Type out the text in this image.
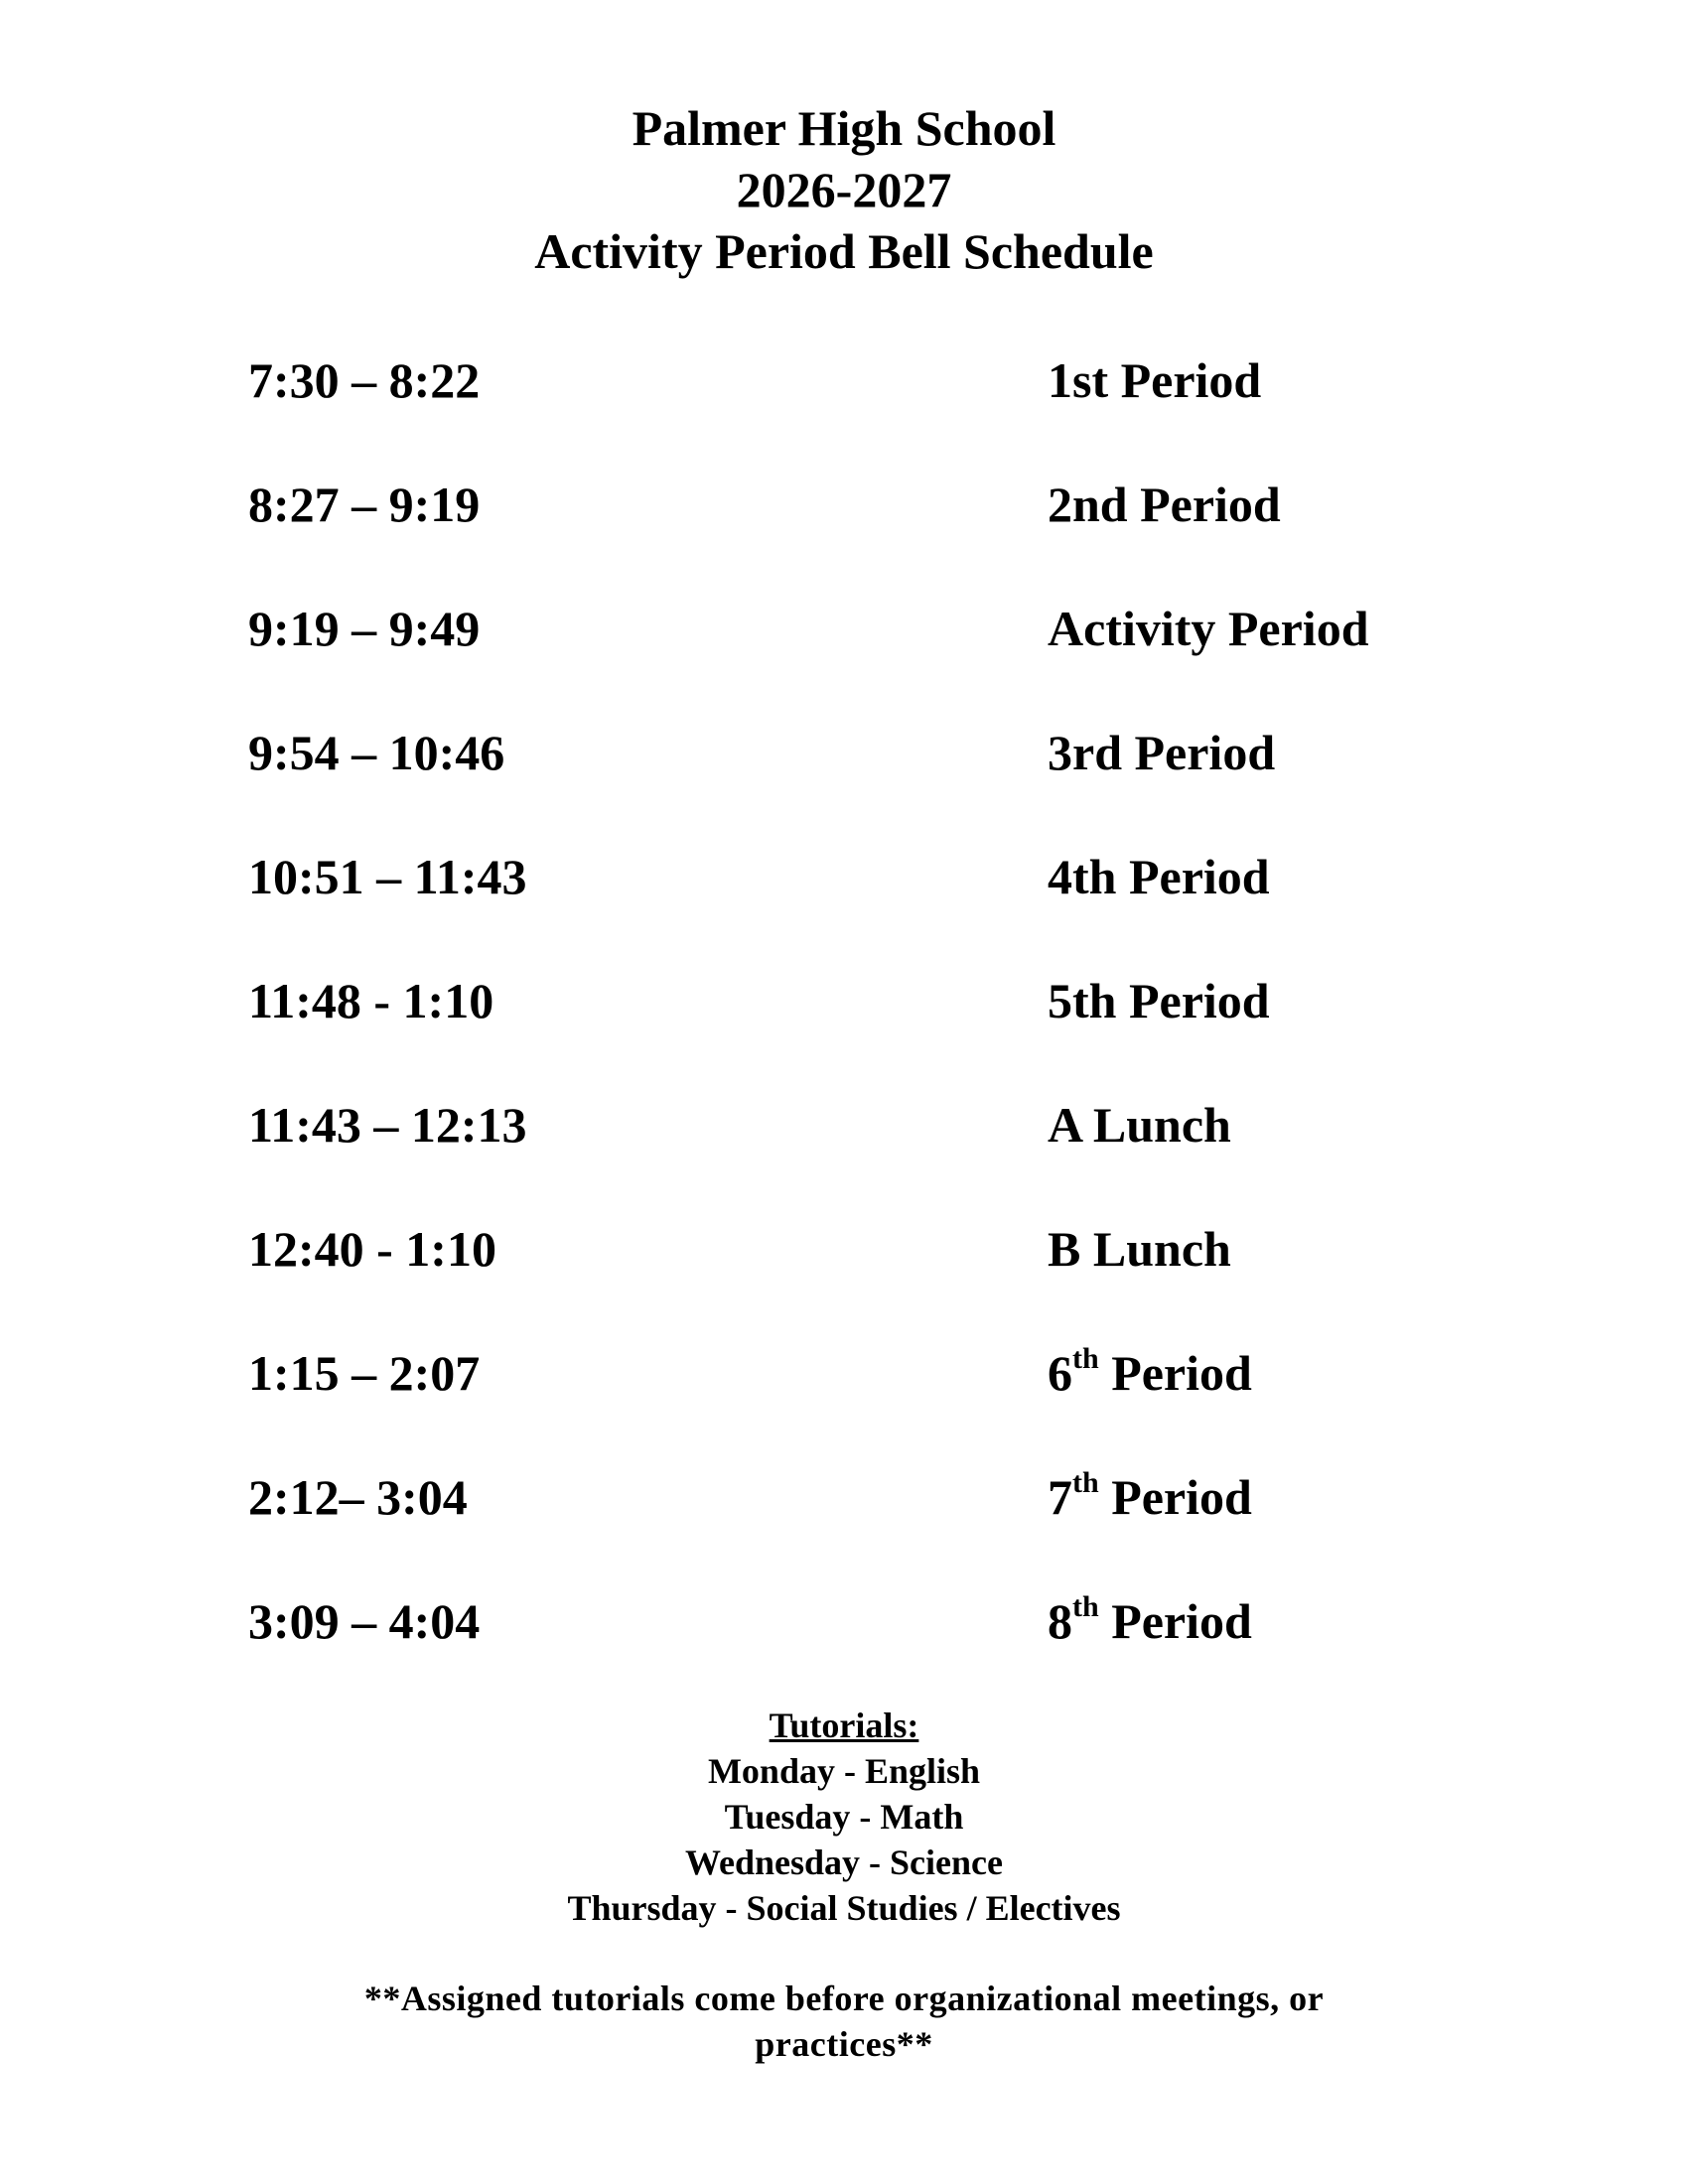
Palmer High School
2026-2027
Activity Period Bell Schedule
7:30 – 8:22	1st Period
8:27 – 9:19	2nd Period
9:19 – 9:49	Activity Period
9:54 – 10:46	3rd Period
10:51 – 11:43	4th Period
11:48 - 1:10	5th Period
11:43 – 12:13	A Lunch
12:40 - 1:10	B Lunch
1:15 – 2:07	6th Period
2:12– 3:04	7th Period
3:09 – 4:04	8th Period
Tutorials:
Monday - English
Tuesday - Math
Wednesday - Science
Thursday - Social Studies / Electives
**Assigned tutorials come before organizational meetings, or
practices**
